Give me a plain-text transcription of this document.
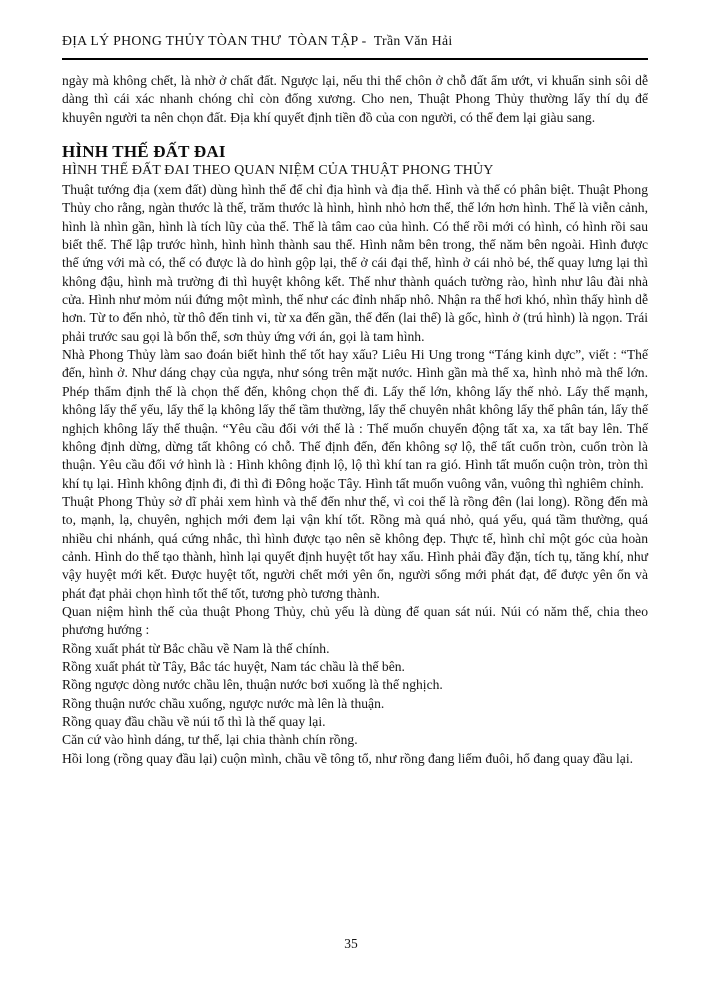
ĐỊA LÝ PHONG THỦY TÒAN THƯ  TÒAN TẬP -  Trần Văn Hải

ngày mà không chết, là nhờ ở chất đất. Ngược lại, nếu thi thể chôn ở chỗ đất ẩm ướt, vi khuẩn sinh sôi dễ dàng thì cái xác nhanh chóng chỉ còn đống xương. Cho nen, Thuật Phong Thủy thường lấy thí dụ để khuyên người ta nên chọn đất. Địa khí quyết định tiền đồ của con người, có thể đem lại giàu sang.

HÌNH THẾ ĐẤT ĐAI
HÌNH THẾ ĐẤT ĐAI THEO QUAN NIỆM CỦA THUẬT PHONG THỦY

Thuật tướng địa (xem đất) dùng hình thế để chỉ địa hình và địa thế. Hình và thế có phân biệt. Thuật Phong Thủy cho rằng, ngàn thước là thế, trăm thước là hình, hình nhỏ hơn thế, thế lớn hơn hình. Thế là viễn cảnh, hình là nhìn gần, hình là tích lũy của thế. Thế là tâm cao của hình. Có thế rồi mới có hình, có hình rồi sau biết thế. Thế lập trước hình, hình hình thành sau thế. Hình nằm bên trong, thế năm bên ngoài. Hình được thế ứng với mà có, thế có được là do hình gộp lại, thế ở cái đại thể, hình ở cái nhỏ bé, thế quay lưng lại thì không đậu, hình mà trường đi thì huyệt không kết. Thế như thành quách tường rào, hình như lâu đài nhà cửa. Hình như mỏm núi đứng một mình, thế như các đỉnh nhấp nhô. Nhận ra thế hơi khó, nhìn thấy hình dễ hơn. Từ to đến nhỏ, từ thô đến tinh vi, từ xa đến gần, thế đến (lai thế) là gốc, hình ở (trú hình) là ngọn. Trái phải trước sau gọi là bốn thể, sơn thủy ứng với án, gọi là tam hình.

Nhà Phong Thủy làm sao đoán biết hình thế tốt hay xấu? Liêu Hi Ung trong “Táng kinh dực”, viết : “Thế đến, hình ở. Như dáng chạy của ngựa, như sóng trên mặt nước. Hình gần mà thế xa, hình nhỏ mà thế lớn. Phép thẩm định thế là chọn thế đến, không chọn thế đi. Lấy thế lớn, không lấy thế nhỏ. Lấy thế mạnh, không lấy thế yếu, lấy thế lạ không lấy thế tầm thường, lấy thế chuyên nhât không lấy thế phân tán, lấy thế nghịch không lấy thế thuận. “Yêu cầu đối với thế là : Thế muốn chuyển động tất xa, xa tất bay lên. Thế không định dừng, dừng tất không có chỗ. Thế định đến, đến không sợ lộ, thế tất cuốn tròn, cuốn tròn là thuận. Yêu cầu đối vớ hình là : Hình không định lộ, lộ thì khí tan ra gió. Hình tất muốn cuộn tròn, tròn thì khí tụ lại. Hình không định đi, đi thì đi Đông hoặc Tây. Hình tất muốn vuông vắn, vuông thì nghiêm chỉnh.

Thuật Phong Thủy sở dĩ phải xem hình và thế đến như thế, vì coi thế là rồng đên (lai long). Rồng đến mà to, mạnh, lạ, chuyên, nghịch mới đem lại vận khí tốt. Rồng mà quá nhỏ, quá yếu, quá tầm thường, quá nhiều chi nhánh, quá cứng nhắc, thì hình được tạo nên sẽ không đẹp. Thực tế, hình chỉ một góc của hoàn cảnh. Hình do thế tạo thành, hình lại quyết định huyệt tốt hay xấu. Hình phải đầy đặn, tích tụ, tăng khí, như vậy huyệt mới kết. Được huyệt tốt, người chết mới yên ổn, người sống mới phát đạt, để được yên ổn và phát đạt phải chọn hình tốt thế tốt, tương phò tương thành.

Quan niệm hình thế của thuật Phong Thủy, chủ yếu là dùng để quan sát núi. Núi có năm thế, chia theo phương hướng :

Rồng xuất phát từ Bắc chầu về Nam là thế chính.

Rồng xuất phát từ Tây, Bắc tác huyệt, Nam tác chầu là thế bên.

Rồng ngược dòng nước chầu lên, thuận nước bơi xuống là thế nghịch.

Rồng thuận nước chầu xuống, ngược nước mà lên là thuận.

Rồng quay đầu chầu về núi tổ thì là thế quay lại.

Căn cứ vào hình dáng, tư thế, lại chia thành chín rồng.

Hồi long (rồng quay đầu lại) cuộn mình, chầu về tông tổ, như rồng đang liếm đuôi, hổ đang quay đầu lại.

35
